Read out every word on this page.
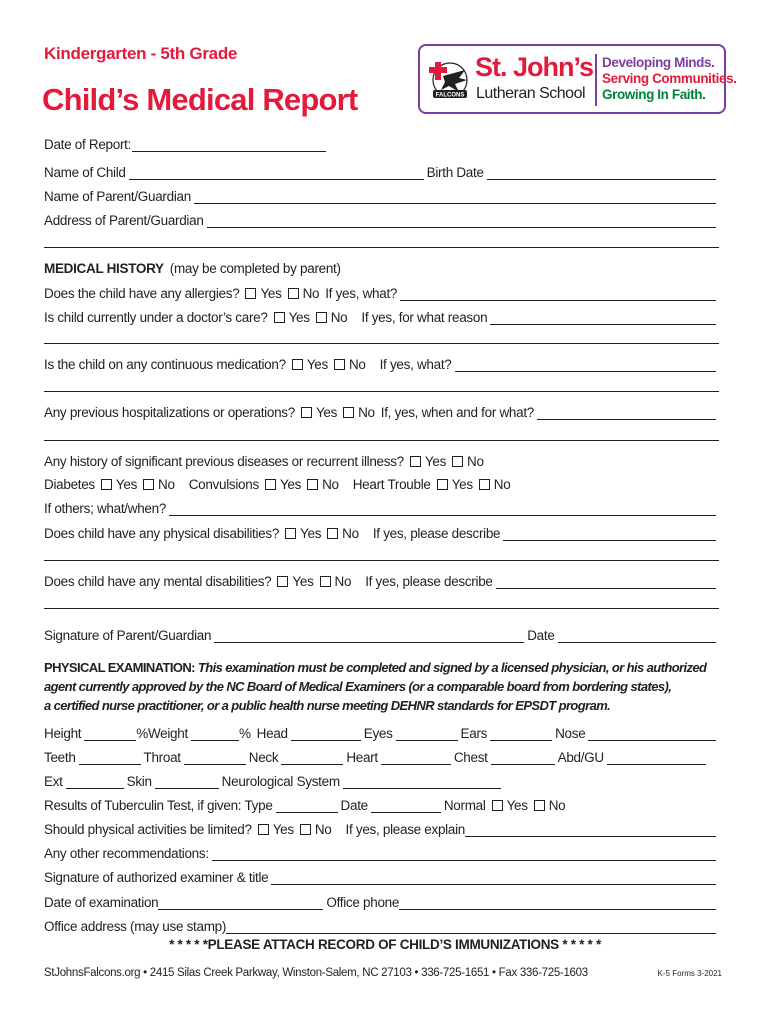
Kindergarten - 5th Grade
Child’s Medical Report	FALCONS
St. John’s
Lutheran School
Developing Minds.
Serving Communities.
Growing In Faith.
Date of Report:
Name of Child	Birth Date
Name of Parent/Guardian
Address of Parent/Guardian
MEDICAL HISTORY (may be completed by parent)
Does the child have any allergies? Yes No If yes, what?
Is child currently under a doctor’s care? Yes No If yes, for what reason
Is the child on any continuous medication? Yes No If yes, what?
Any previous hospitalizations or operations? Yes No If, yes, when and for what?
Any history of significant previous diseases or recurrent illness? Yes No
Diabetes Yes No Convulsions Yes No Heart Trouble Yes No
If others; what/when?
Does child have any physical disabilities? Yes No If yes, please describe
Does child have any mental disabilities? Yes No If yes, please describe
Signature of Parent/Guardian	Date
PHYSICAL EXAMINATION: This examination must be completed and signed by a licensed physician, or his authorized
agent currently approved by the NC Board of Medical Examiners (or a comparable board from bordering states),
a certified nurse practitioner, or a public health nurse meeting DEHNR standards for EPSDT program.
Height	% Weight	% Head	Eyes	Ears	Nose
Teeth	Throat	Neck	Heart	Chest	Abd/GU
Ext	Skin	Neurological System
Results of Tuberculin Test, if given: Type	Date	Normal Yes No
Should physical activities be limited? Yes No If yes, please explain
Any other recommendations:
Signature of authorized examiner & title
Date of examination	Office phone
Office address (may use stamp)
* * * * *PLEASE ATTACH RECORD OF CHILD’S IMMUNIZATIONS * * * * *
StJohnsFalcons.org • 2415 Silas Creek Parkway, Winston-Salem, NC 27103 • 336-725-1651 • Fax 336-725-1603	K-5 Forms 3-2021
